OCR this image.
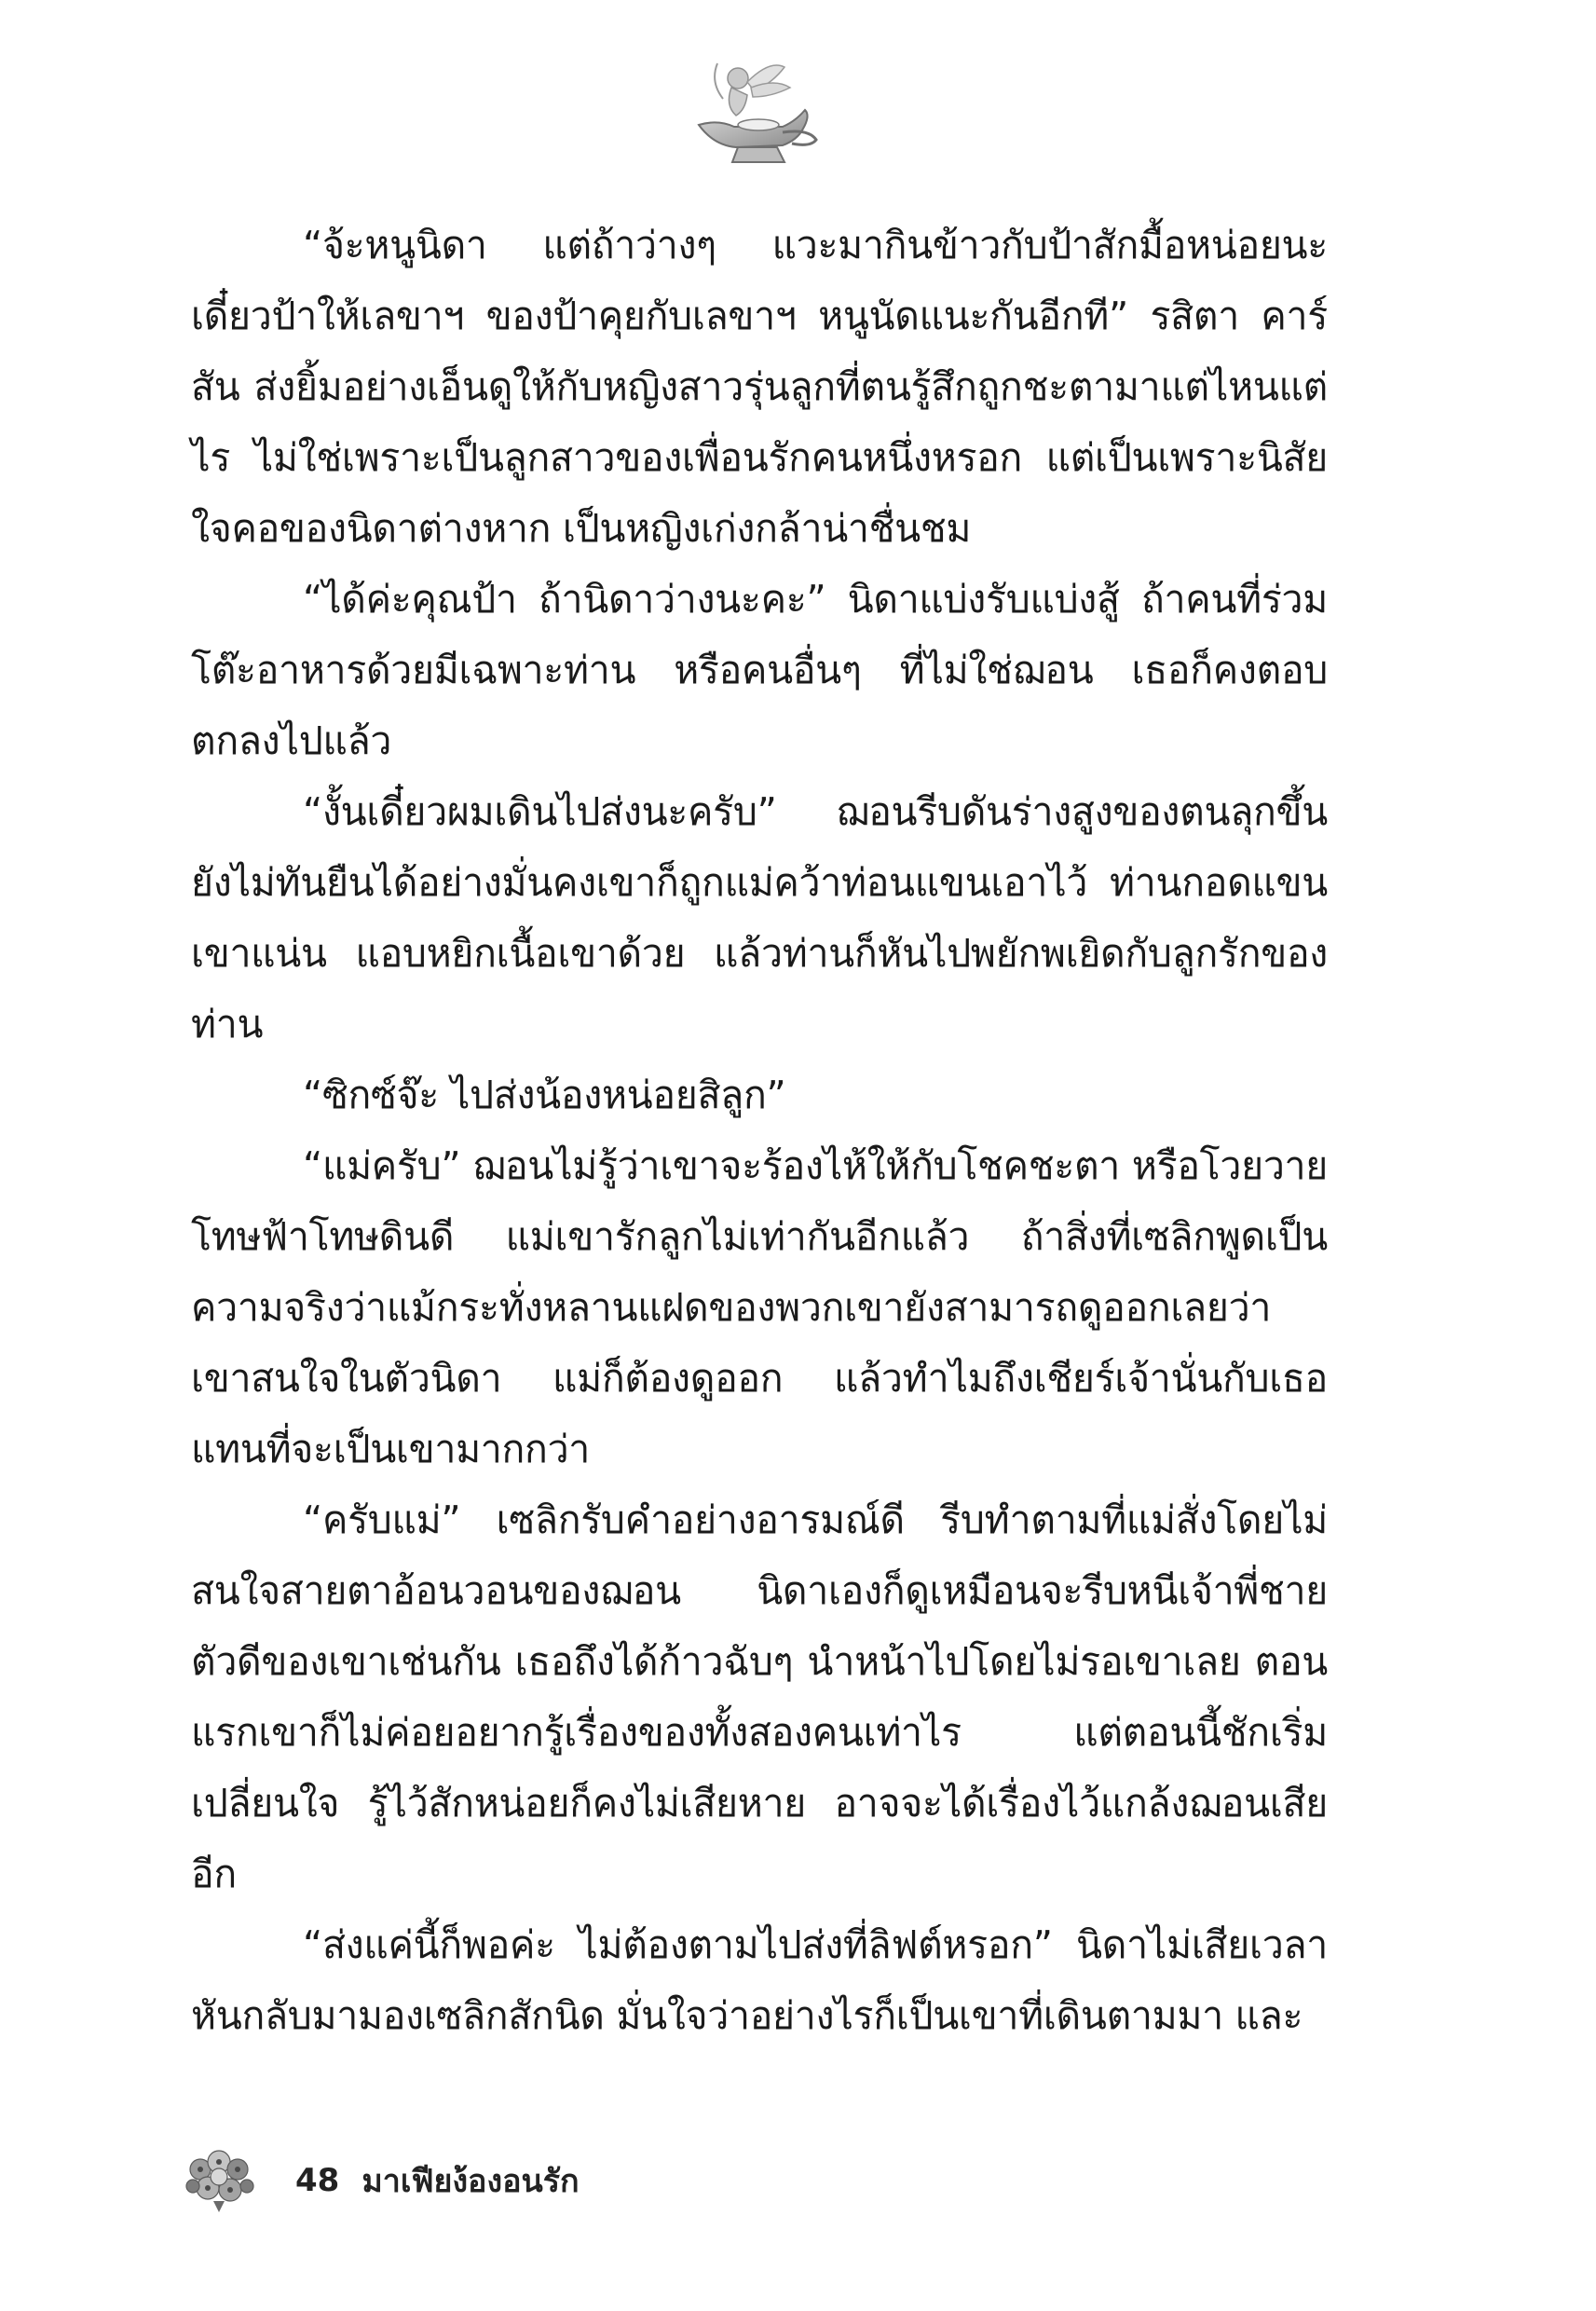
“จ้ะหนูนิดา แต่ถ้าว่างๆ แวะมากินข้าวกับป้าสักมื้อหน่อยนะ เดี๋ยวป้าให้เลขาฯ ของป้าคุยกับเลขาฯ หนูนัดแนะกันอีกที” รสิตา คาร์สัน ส่งยิ้มอย่างเอ็นดูให้กับหญิงสาวรุ่นลูกที่ตนรู้สึกถูกชะตามาแต่ไหนแต่ไร ไม่ใช่เพราะเป็นลูกสาวของเพื่อนรักคนหนึ่งหรอก แต่เป็นเพราะนิสัยใจคอของนิดาต่างหาก เป็นหญิงเก่งกล้าน่าชื่นชม

“ได้ค่ะคุณป้า ถ้านิดาว่างนะคะ” นิดาแบ่งรับแบ่งสู้ ถ้าคนที่ร่วมโต๊ะอาหารด้วยมีเฉพาะท่าน หรือคนอื่นๆ ที่ไม่ใช่ฌอน เธอก็คงตอบตกลงไปแล้ว

“งั้นเดี๋ยวผมเดินไปส่งนะครับ” ฌอนรีบดันร่างสูงของตนลุกขึ้น ยังไม่ทันยืนได้อย่างมั่นคงเขาก็ถูกแม่คว้าท่อนแขนเอาไว้ ท่านกอดแขนเขาแน่น แอบหยิกเนื้อเขาด้วย แล้วท่านก็หันไปพยักพเยิดกับลูกรักของท่าน

“ซิกซ์จ๊ะ ไปส่งน้องหน่อยสิลูก”

“แม่ครับ” ฌอนไม่รู้ว่าเขาจะร้องไห้ให้กับโชคชะตา หรือโวยวายโทษฟ้าโทษดินดี แม่เขารักลูกไม่เท่ากันอีกแล้ว ถ้าสิ่งที่เซลิกพูดเป็นความจริงว่าแม้กระทั่งหลานแฝดของพวกเขายังสามารถดูออกเลยว่าเขาสนใจในตัวนิดา แม่ก็ต้องดูออก แล้วทำไมถึงเชียร์เจ้านั่นกับเธอแทนที่จะเป็นเขามากกว่า

“ครับแม่” เซลิกรับคำอย่างอารมณ์ดี รีบทำตามที่แม่สั่งโดยไม่สนใจสายตาอ้อนวอนของฌอน นิดาเองก็ดูเหมือนจะรีบหนีเจ้าพี่ชายตัวดีของเขาเช่นกัน เธอถึงได้ก้าวฉับๆ นำหน้าไปโดยไม่รอเขาเลย ตอนแรกเขาก็ไม่ค่อยอยากรู้เรื่องของทั้งสองคนเท่าไร แต่ตอนนี้ชักเริ่มเปลี่ยนใจ รู้ไว้สักหน่อยก็คงไม่เสียหาย อาจจะได้เรื่องไว้แกล้งฌอนเสียอีก

“ส่งแค่นี้ก็พอค่ะ ไม่ต้องตามไปส่งที่ลิฟต์หรอก” นิดาไม่เสียเวลาหันกลับมามองเซลิกสักนิด มั่นใจว่าอย่างไรก็เป็นเขาที่เดินตามมา และ

48 มาเฟียง้องอนรัก
